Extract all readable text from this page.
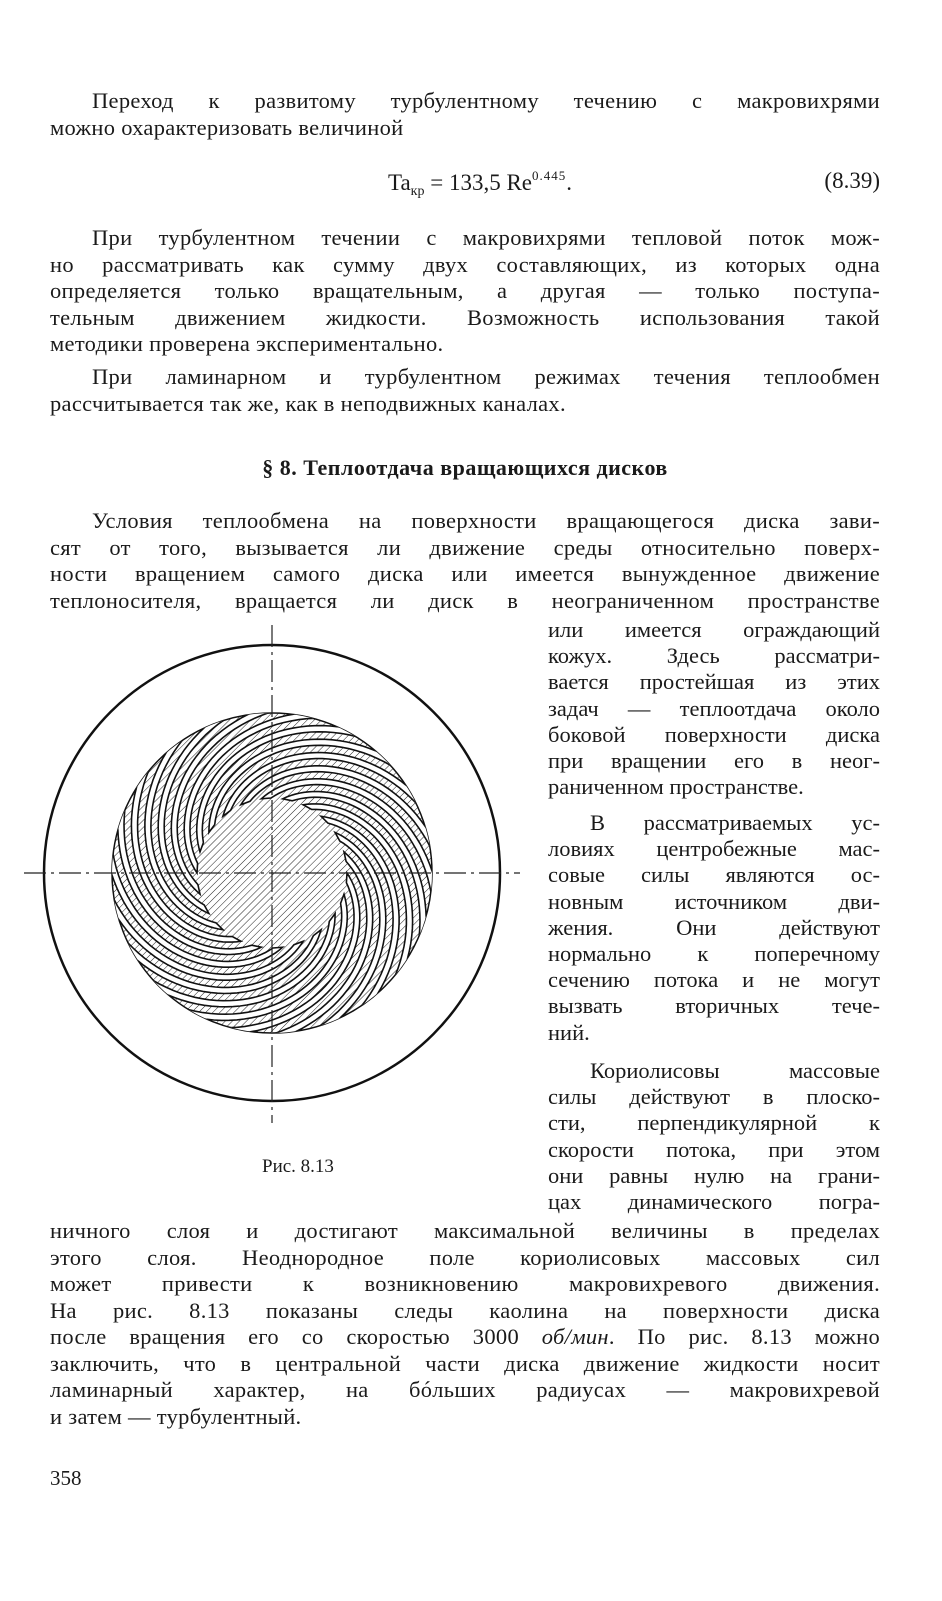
Переход к развитому турбулентному течению с макровихрями
можно охарактеризовать величиной
$Ta_{кр} = 133,5$ $Re^{0.445}$.	(8.39)
При турбулентном течении с макровихрями тепловой поток мож-
но рассматривать как сумму двух составляющих, из которых одна
определяется только вращательным, а другая — только поступа-
тельным движением жидкости. Возможность использования такой
методики проверена экспериментально.
При ламинарном и турбулентном режимах течения теплообмен
рассчитывается так же, как в неподвижных каналах.
§ 8. Теплоотдача вращающихся дисков
Условия теплообмена на поверхности вращающегося диска зави-
сят от того, вызывается ли движение среды относительно поверх-
ности вращением самого диска или имеется вынужденное движение
теплоносителя, вращается ли диск в неограниченном пространстве
или имеется ограждающий
кожух. Здесь рассматри-
вается простейшая из этих
задач — теплоотдача около
боковой поверхности диска
при вращении его в неог-
раниченном пространстве.
В рассматриваемых ус-
ловиях центробежные мас-
совые силы являются ос-
новным источником дви-
жения. Они действуют
нормально к поперечному
сечению потока и не могут
вызвать вторичных тече-
ний.
Кориолисовы массовые
силы действуют в плоско-
сти, перпендикулярной к
скорости потока, при этом
они равны нулю на грани-
цах динамического погра-
Рис. 8.13
ничного слоя и достигают максимальной величины в пределах
этого слоя. Неоднородное поле кориолисовых массовых сил
может привести к возникновению макровихревого движения.
На рис. 8.13 показаны следы каолина на поверхности диска
после вращения его со скоростью 3000 об/мин. По рис. 8.13 можно
заключить, что в центральной части диска движение жидкости носит
ламинарный характер, на бóльших радиусах — макровихревой
и затем — турбулентный.
358
